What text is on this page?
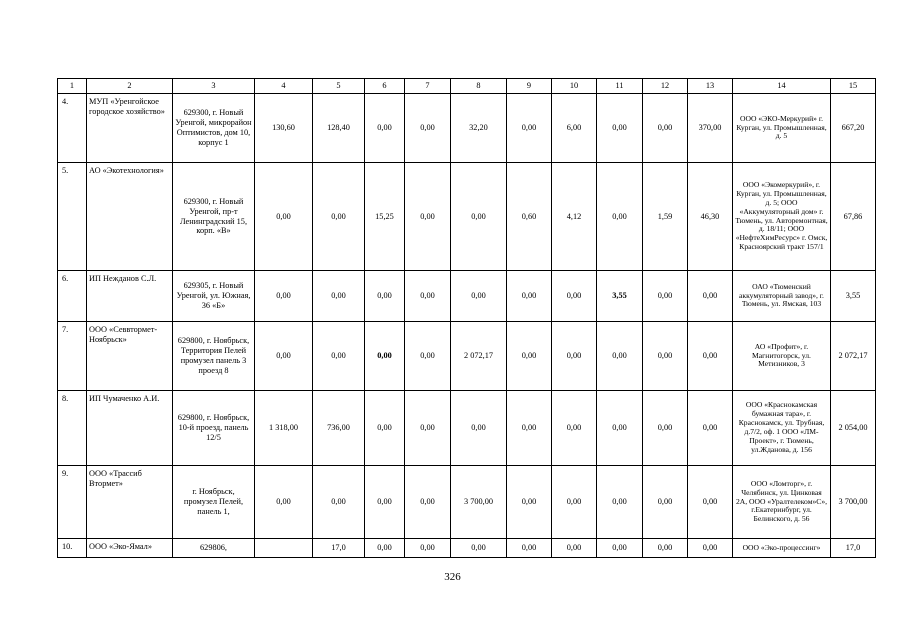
1	2	3	4	5	6	7	8	9	10	11	12	13	14	15
4.	МУП «Уренгойское городское хозяйство»	629300, г. Новый Уренгой, микрорайон Оптимистов, дом 10, корпус 1	130,60	128,40	0,00	0,00	32,20	0,00	6,00	0,00	0,00	370,00	ООО «ЭКО-Меркурий» г. Курган, ул. Промышленная, д. 5	667,20
5.	АО «Экотехнология»	629300, г. Новый Уренгой, пр-т Ленинградский 15, корп. «В»	0,00	0,00	15,25	0,00	0,00	0,60	4,12	0,00	1,59	46,30	ООО «Экомеркурий», г. Курган, ул. Промышленная, д. 5; ООО «Аккумуляторный дом» г. Тюмень, ул. Авторемонтная, д. 18/11; ООО «НефтеХимРесурс» г. Омск, Красноярский тракт 157/1	67,86
6.	ИП Нежданов С.Л.	629305, г. Новый Уренгой, ул. Южная, 36 «Б»	0,00	0,00	0,00	0,00	0,00	0,00	0,00	3,55	0,00	0,00	ОАО «Тюменский аккумуляторный завод», г. Тюмень, ул. Ямская, 103	3,55
7.	ООО «Севвтормет-Ноябрьск»	629800, г. Ноябрьск, Территория Пелей промузел панель 3 проезд 8	0,00	0,00	0,00	0,00	2 072,17	0,00	0,00	0,00	0,00	0,00	АО «Профит», г. Магнитогорск, ул. Метизников, 3	2 072,17
8.	ИП Чумаченко А.И.	629800, г. Ноябрьск, 10-й проезд, панель 12/5	1 318,00	736,00	0,00	0,00	0,00	0,00	0,00	0,00	0,00	0,00	ООО «Краснокамская бумажная тара», г. Краснокамск, ул. Трубная, д.7/2, оф. 1 ООО «ЛМ-Проект», г. Тюмень, ул.Жданова, д. 156	2 054,00
9.	ООО «Трассиб Втормет»	г. Ноябрьск, промузел Пелей, панель 1,	0,00	0,00	0,00	0,00	3 700,00	0,00	0,00	0,00	0,00	0,00	ООО «Ломторг», г. Челябинск, ул. Цинковая 2А, ООО «Уралтелеком»С», г.Екатеринбург, ул. Белинского, д. 56	3 700,00
10.	ООО «Эко-Ямал»	629806,		17,0	0,00	0,00	0,00	0,00	0,00	0,00	0,00	0,00	ООО «Эко-процессинг»	17,0
326
